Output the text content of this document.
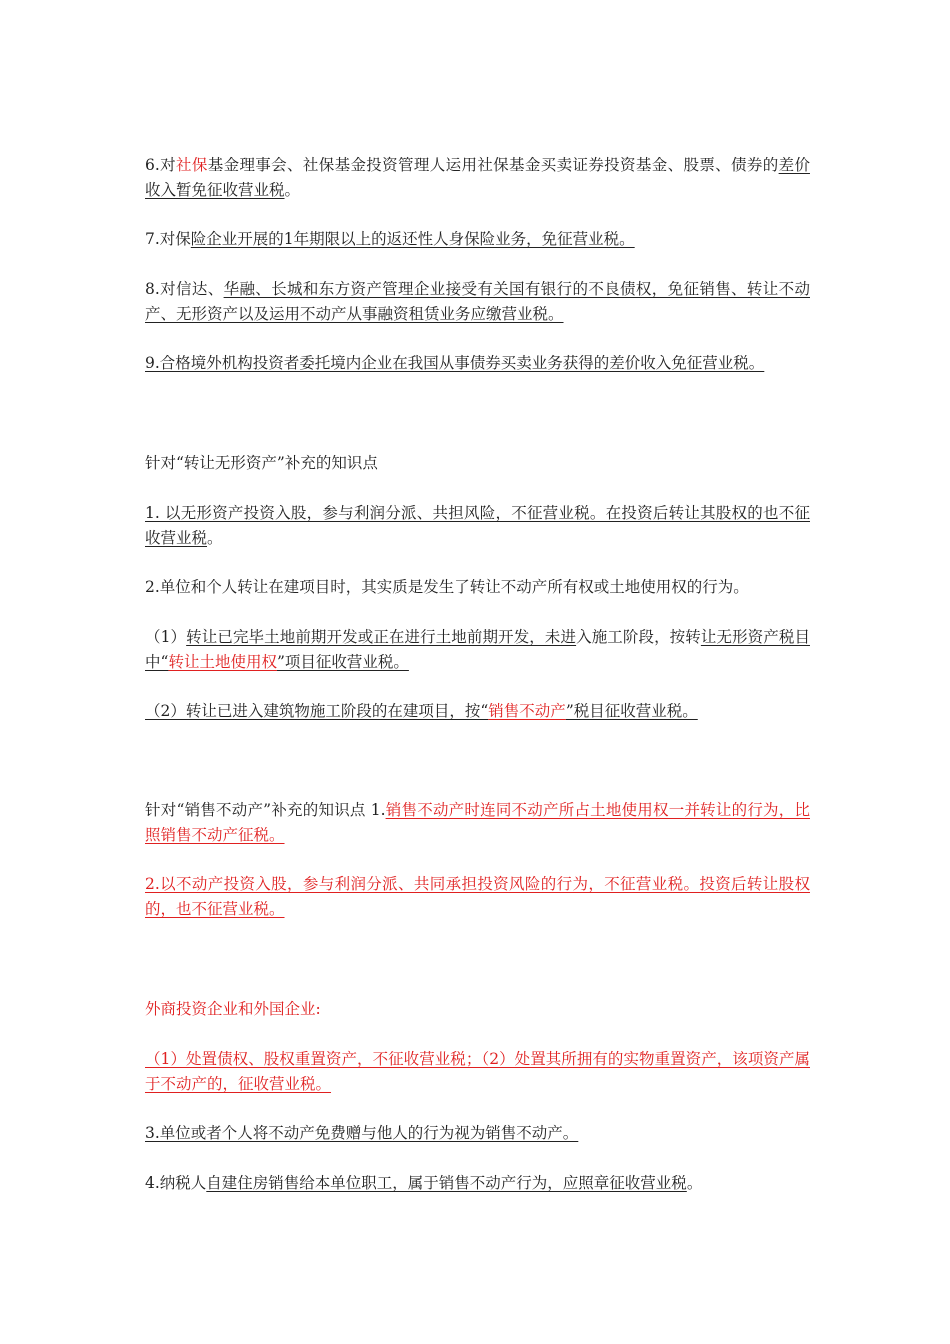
6.对社保基金理事会、社保基金投资管理人运用社保基金买卖证券投资基金、股票、债券的差价收入暂免征收营业税。

7.对保险企业开展的1年期限以上的返还性人身保险业务，免征营业税。

8.对信达、华融、长城和东方资产管理企业接受有关国有银行的不良债权，免征销售、转让不动产、无形资产以及运用不动产从事融资租赁业务应缴营业税。

9.合格境外机构投资者委托境内企业在我国从事债券买卖业务获得的差价收入免征营业税。

针对“转让无形资产”补充的知识点

1. 以无形资产投资入股，参与利润分派、共担风险，不征营业税。在投资后转让其股权的也不征收营业税。

2.单位和个人转让在建项目时，其实质是发生了转让不动产所有权或土地使用权的行为。

（1）转让已完毕土地前期开发或正在进行土地前期开发，未进入施工阶段，按转让无形资产税目中“转让土地使用权”项目征收营业税。

（2）转让已进入建筑物施工阶段的在建项目，按“销售不动产”税目征收营业税。

针对“销售不动产”补充的知识点 1.销售不动产时连同不动产所占土地使用权一并转让的行为，比照销售不动产征税。

2.以不动产投资入股，参与利润分派、共同承担投资风险的行为，不征营业税。投资后转让股权的，也不征营业税。

外商投资企业和外国企业:

（1）处置债权、股权重置资产，不征收营业税；（2）处置其所拥有的实物重置资产，该项资产属于不动产的，征收营业税。

3.单位或者个人将不动产免费赠与他人的行为视为销售不动产。

4.纳税人自建住房销售给本单位职工，属于销售不动产行为，应照章征收营业税。
